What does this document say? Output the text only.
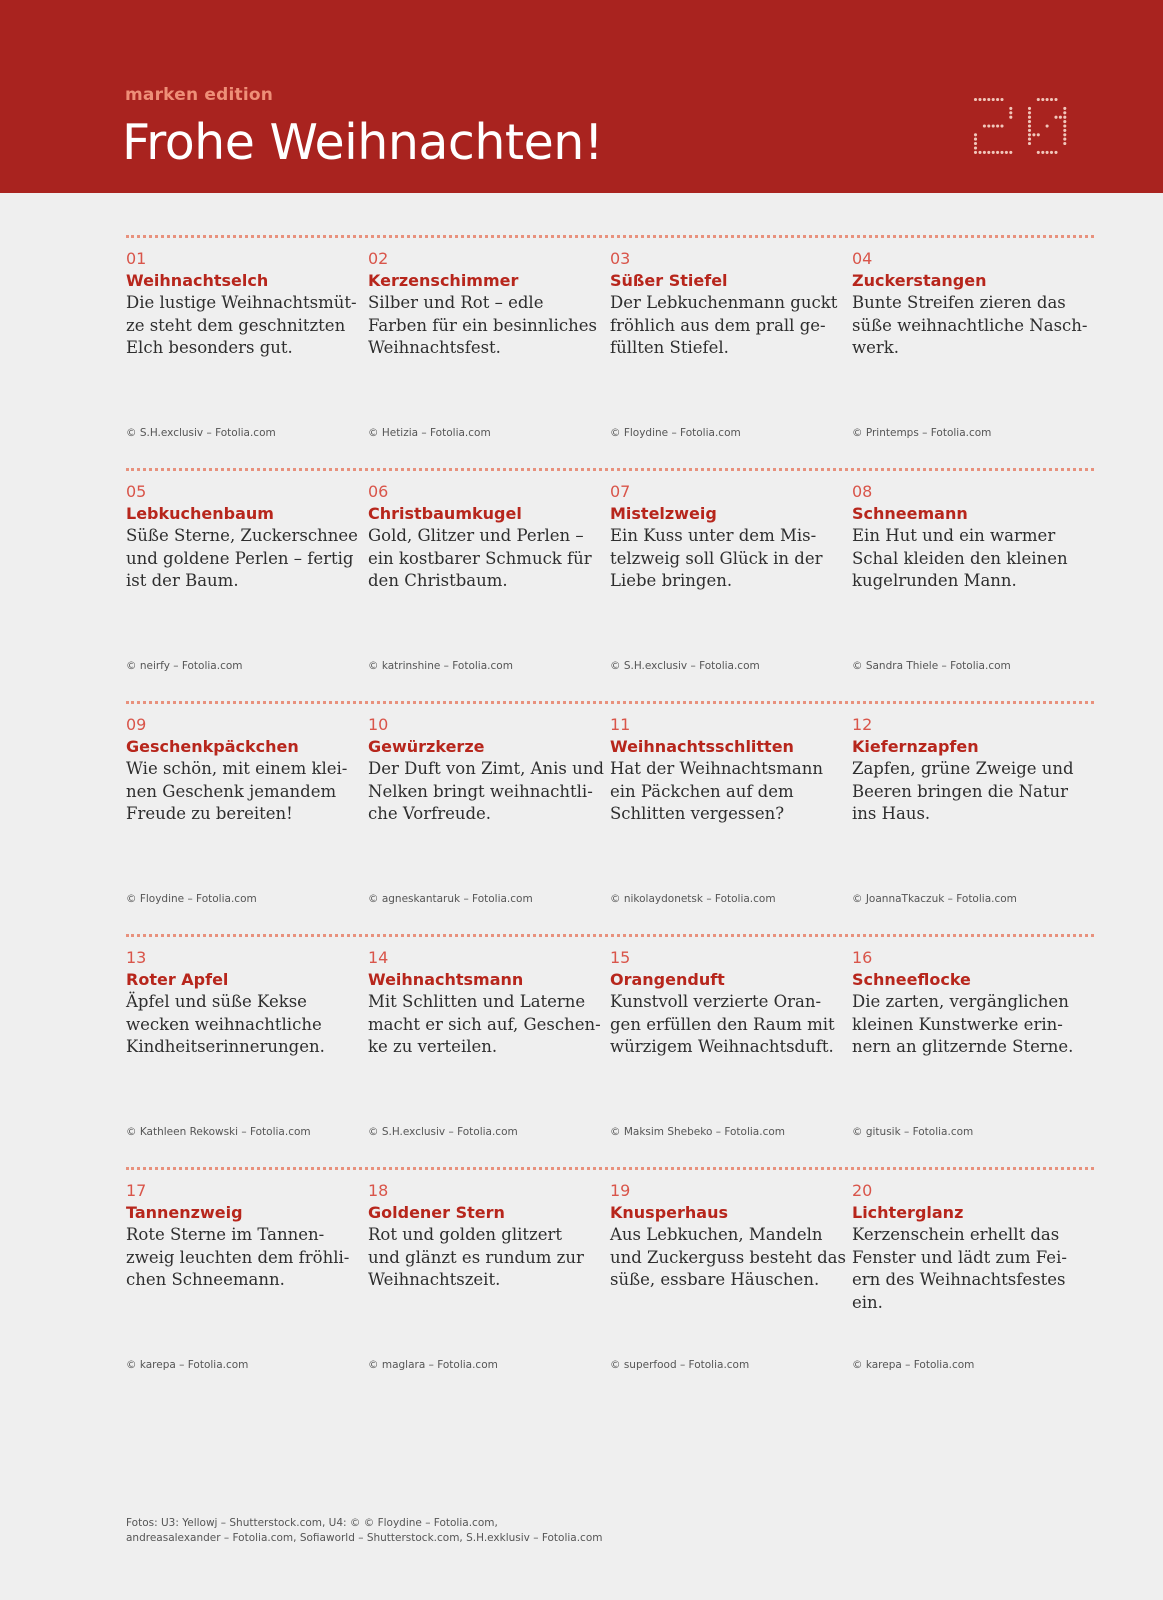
marken edition
Frohe Weihnachten!
01
Weihnachtselch
Die lustige Weihnachtsmüt-
ze steht dem geschnitzten
Elch besonders gut.
© S.H.exclusiv – Fotolia.com
02
Kerzenschimmer
Silber und Rot – edle
Farben für ein besinnliches
Weihnachtsfest.
© Hetizia – Fotolia.com
03
Süßer Stiefel
Der Lebkuchenmann guckt
fröhlich aus dem prall ge-
füllten Stiefel.
© Floydine – Fotolia.com
04
Zuckerstangen
Bunte Streifen zieren das
süße weihnachtliche Nasch-
werk.
© Printemps – Fotolia.com
05
Lebkuchenbaum
Süße Sterne, Zuckerschnee
und goldene Perlen – fertig
ist der Baum.
© neirfy – Fotolia.com
06
Christbaumkugel
Gold, Glitzer und Perlen –
ein kostbarer Schmuck für
den Christbaum.
© katrinshine – Fotolia.com
07
Mistelzweig
Ein Kuss unter dem Mis-
telzweig soll Glück in der
Liebe bringen.
© S.H.exclusiv – Fotolia.com
08
Schneemann
Ein Hut und ein warmer
Schal kleiden den kleinen
kugelrunden Mann.
© Sandra Thiele – Fotolia.com
09
Geschenkpäckchen
Wie schön, mit einem klei-
nen Geschenk jemandem
Freude zu bereiten!
© Floydine – Fotolia.com
10
Gewürzkerze
Der Duft von Zimt, Anis und
Nelken bringt weihnachtli-
che Vorfreude.
© agneskantaruk – Fotolia.com
11
Weihnachtsschlitten
Hat der Weihnachtsmann
ein Päckchen auf dem
Schlitten vergessen?
© nikolaydonetsk – Fotolia.com
12
Kiefernzapfen
Zapfen, grüne Zweige und
Beeren bringen die Natur
ins Haus.
© JoannaTkaczuk – Fotolia.com
13
Roter Apfel
Äpfel und süße Kekse
wecken weihnachtliche
Kindheitserinnerungen.
© Kathleen Rekowski – Fotolia.com
14
Weihnachtsmann
Mit Schlitten und Laterne
macht er sich auf, Geschen-
ke zu verteilen.
© S.H.exclusiv – Fotolia.com
15
Orangenduft
Kunstvoll verzierte Oran-
gen erfüllen den Raum mit
würzigem Weihnachtsduft.
© Maksim Shebeko – Fotolia.com
16
Schneeflocke
Die zarten, vergänglichen
kleinen Kunstwerke erin-
nern an glitzernde Sterne.
© gitusik – Fotolia.com
17
Tannenzweig
Rote Sterne im Tannen-
zweig leuchten dem fröhli-
chen Schneemann.
© karepa – Fotolia.com
18
Goldener Stern
Rot und golden glitzert
und glänzt es rundum zur
Weihnachtszeit.
© maglara – Fotolia.com
19
Knusperhaus
Aus Lebkuchen, Mandeln
und Zuckerguss besteht das
süße, essbare Häuschen.
© superfood – Fotolia.com
20
Lichterglanz
Kerzenschein erhellt das
Fenster und lädt zum Fei-
ern des Weihnachtsfestes
ein.
© karepa – Fotolia.com
Fotos: U3: Yellowj – Shutterstock.com, U4: © © Floydine – Fotolia.com,
andreasalexander – Fotolia.com, Sofiaworld – Shutterstock.com, S.H.exklusiv – Fotolia.com
